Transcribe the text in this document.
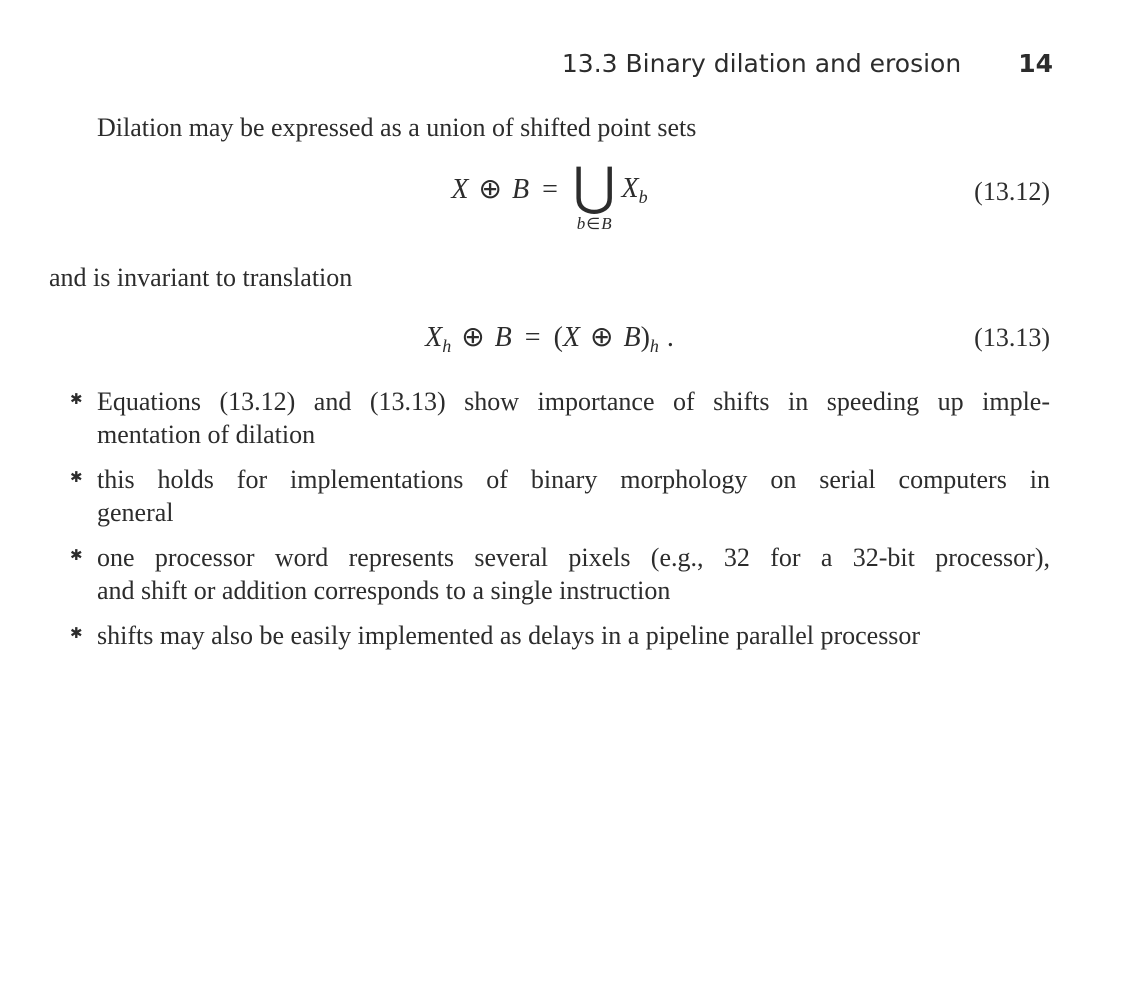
13.3 Binary dilation and erosion 14

Dilation may be expressed as a union of shifted point sets

X ⊕ B = ⋃
b∈B
$X_b$	(13.12)

and is invariant to translation

$X_h$ ⊕ B = (X ⊕ $B)_h$ .	(13.13)
✱ Equations (13.12) and (13.13) show importance of shifts in speeding up imple-
mentation of dilation
✱ this holds for implementations of binary morphology on serial computers in
general
✱ one processor word represents several pixels (e.g., 32 for a 32-bit processor),
and shift or addition corresponds to a single instruction
✱ shifts may also be easily implemented as delays in a pipeline parallel processor
